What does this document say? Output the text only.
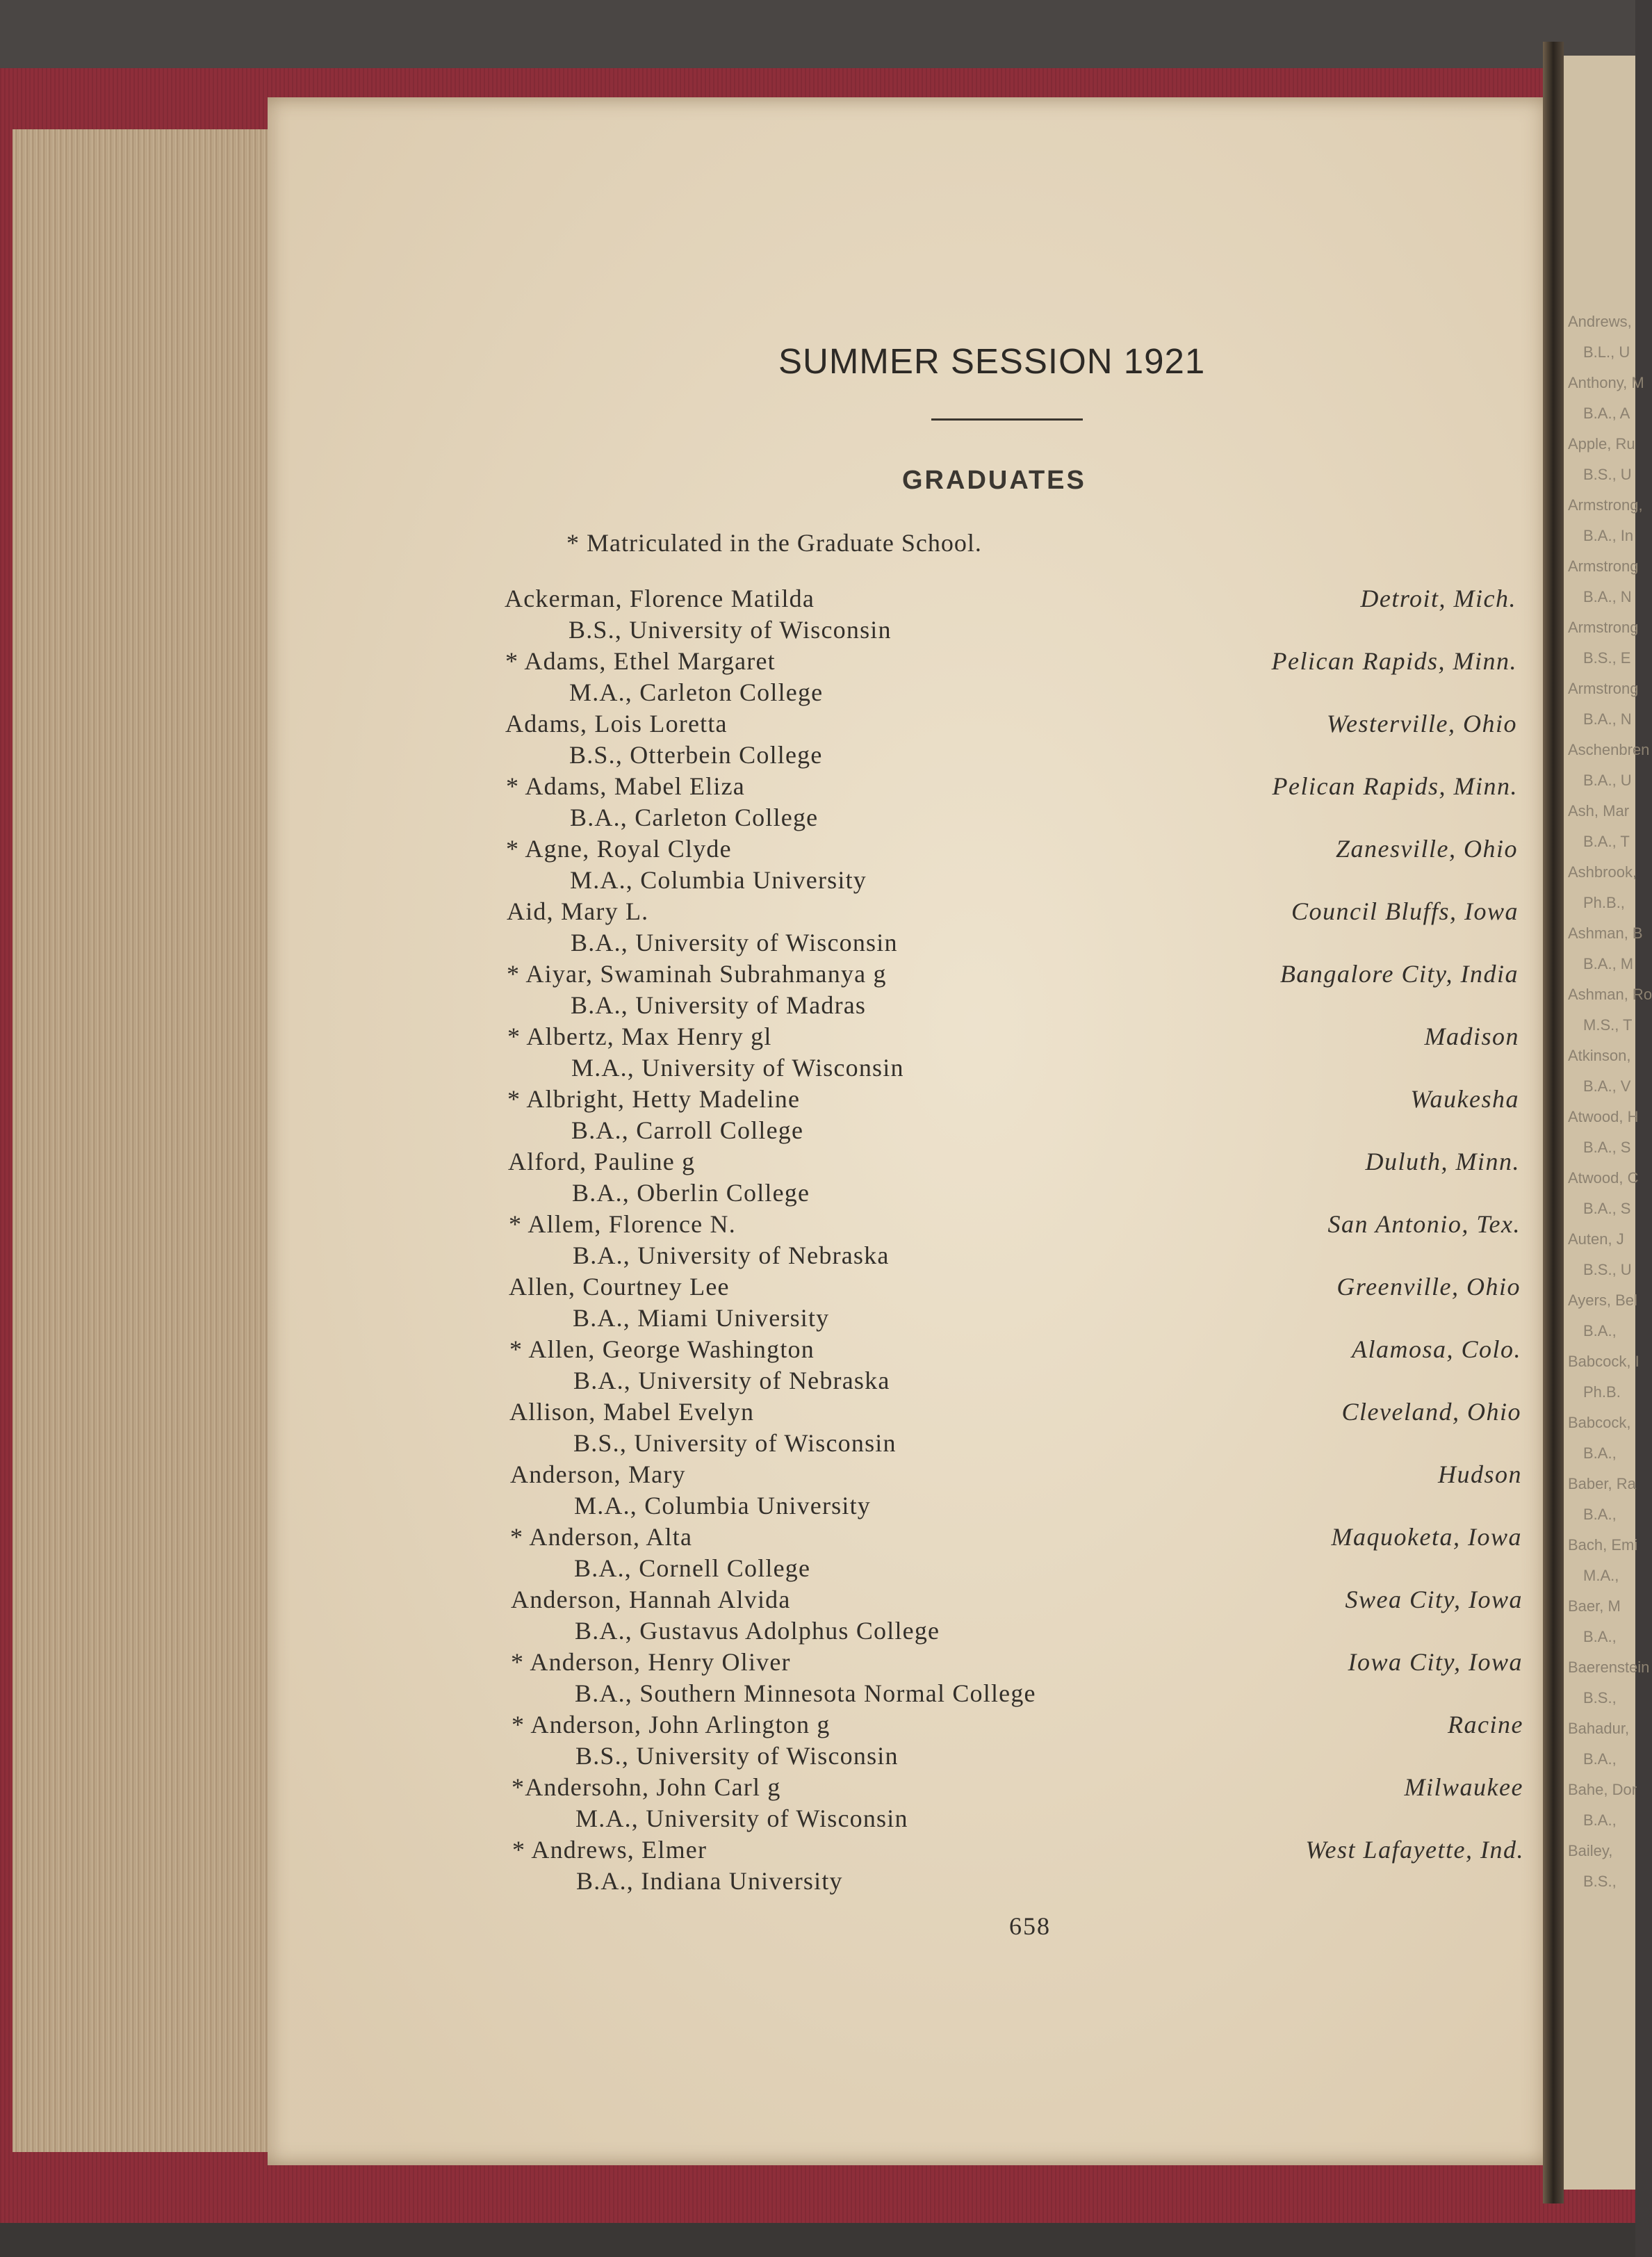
Andrews,
B.L., U
Anthony, M
B.A., A
Apple, Ru
B.S., U
Armstrong,
B.A., In
Armstrong
B.A., N
Armstrong
B.S., E
Armstrong
B.A., N
Aschenbren
B.A., U
Ash, Mar
B.A., T
Ashbrook,
Ph.B.,
Ashman, B
B.A., M
Ashman, Ro
M.S., T
Atkinson,
B.A., V
Atwood, H
B.A., S
Atwood, C
B.A., S
Auten, J
B.S., U
Ayers, Bel
B.A.,
Babcock, I
Ph.B.
Babcock,
B.A.,
Baber, Ra
B.A.,
Bach, Emi
M.A.,
Baer, M
B.A.,
Baerenstein
B.S.,
Bahadur,
B.A.,
Bahe, Dor
B.A.,
Bailey,
B.S.,
SUMMER SESSION 1921
GRADUATES
* Matriculated in the Graduate School.
Ackerman, Florence Matilda
B.S., University of Wisconsin
Detroit, Mich.
* Adams, Ethel Margaret
M.A., Carleton College
Pelican Rapids, Minn.
Adams, Lois Loretta
B.S., Otterbein College
Westerville, Ohio
* Adams, Mabel Eliza
B.A., Carleton College
Pelican Rapids, Minn.
* Agne, Royal Clyde
M.A., Columbia University
Zanesville, Ohio
Aid, Mary L.
B.A., University of Wisconsin
Council Bluffs, Iowa
* Aiyar, Swaminah Subrahmanya g
B.A., University of Madras
Bangalore City, India
* Albertz, Max Henry gl
M.A., University of Wisconsin
Madison
* Albright, Hetty Madeline
B.A., Carroll College
Waukesha
Alford, Pauline g
B.A., Oberlin College
Duluth, Minn.
* Allem, Florence N.
B.A., University of Nebraska
San Antonio, Tex.
Allen, Courtney Lee
B.A., Miami University
Greenville, Ohio
* Allen, George Washington
B.A., University of Nebraska
Alamosa, Colo.
Allison, Mabel Evelyn
B.S., University of Wisconsin
Cleveland, Ohio
Anderson, Mary
M.A., Columbia University
Hudson
* Anderson, Alta
B.A., Cornell College
Maquoketa, Iowa
Anderson, Hannah Alvida
B.A., Gustavus Adolphus College
Swea City, Iowa
* Anderson, Henry Oliver
B.A., Southern Minnesota Normal College
Iowa City, Iowa
* Anderson, John Arlington g
B.S., University of Wisconsin
Racine
*Andersohn, John Carl g
M.A., University of Wisconsin
Milwaukee
* Andrews, Elmer
B.A., Indiana University
West Lafayette, Ind.
658
